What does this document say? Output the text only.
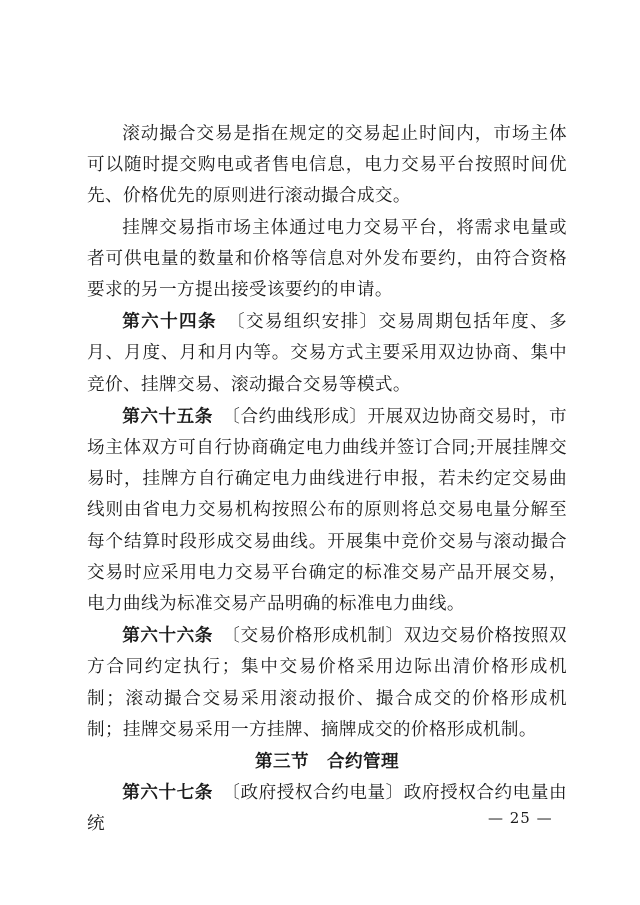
滚动撮合交易是指在规定的交易起止时间内，市场主体可以随时提交购电或者售电信息，电力交易平台按照时间优先、价格优先的原则进行滚动撮合成交。

挂牌交易指市场主体通过电力交易平台，将需求电量或者可供电量的数量和价格等信息对外发布要约，由符合资格要求的另一方提出接受该要约的申请。

第六十四条　 〔交易组织安排〕交易周期包括年度、多月、月度、月和月内等。交易方式主要采用双边协商、集中竞价、挂牌交易、滚动撮合交易等模式。

第六十五条　 〔合约曲线形成〕开展双边协商交易时，市场主体双方可自行协商确定电力曲线并签订合同;开展挂牌交易时，挂牌方自行确定电力曲线进行申报，若未约定交易曲线则由省电力交易机构按照公布的原则将总交易电量分解至每个结算时段形成交易曲线。开展集中竞价交易与滚动撮合交易时应采用电力交易平台确定的标准交易产品开展交易，电力曲线为标准交易产品明确的标准电力曲线。

第六十六条　 〔交易价格形成机制〕双边交易价格按照双方合同约定执行；集中交易价格采用边际出清价格形成机制；滚动撮合交易采用滚动报价、撮合成交的价格形成机制；挂牌交易采用一方挂牌、摘牌成交的价格形成机制。

第三节　合约管理

第六十七条　 〔政府授权合约电量〕政府授权合约电量由统	— 25 —
